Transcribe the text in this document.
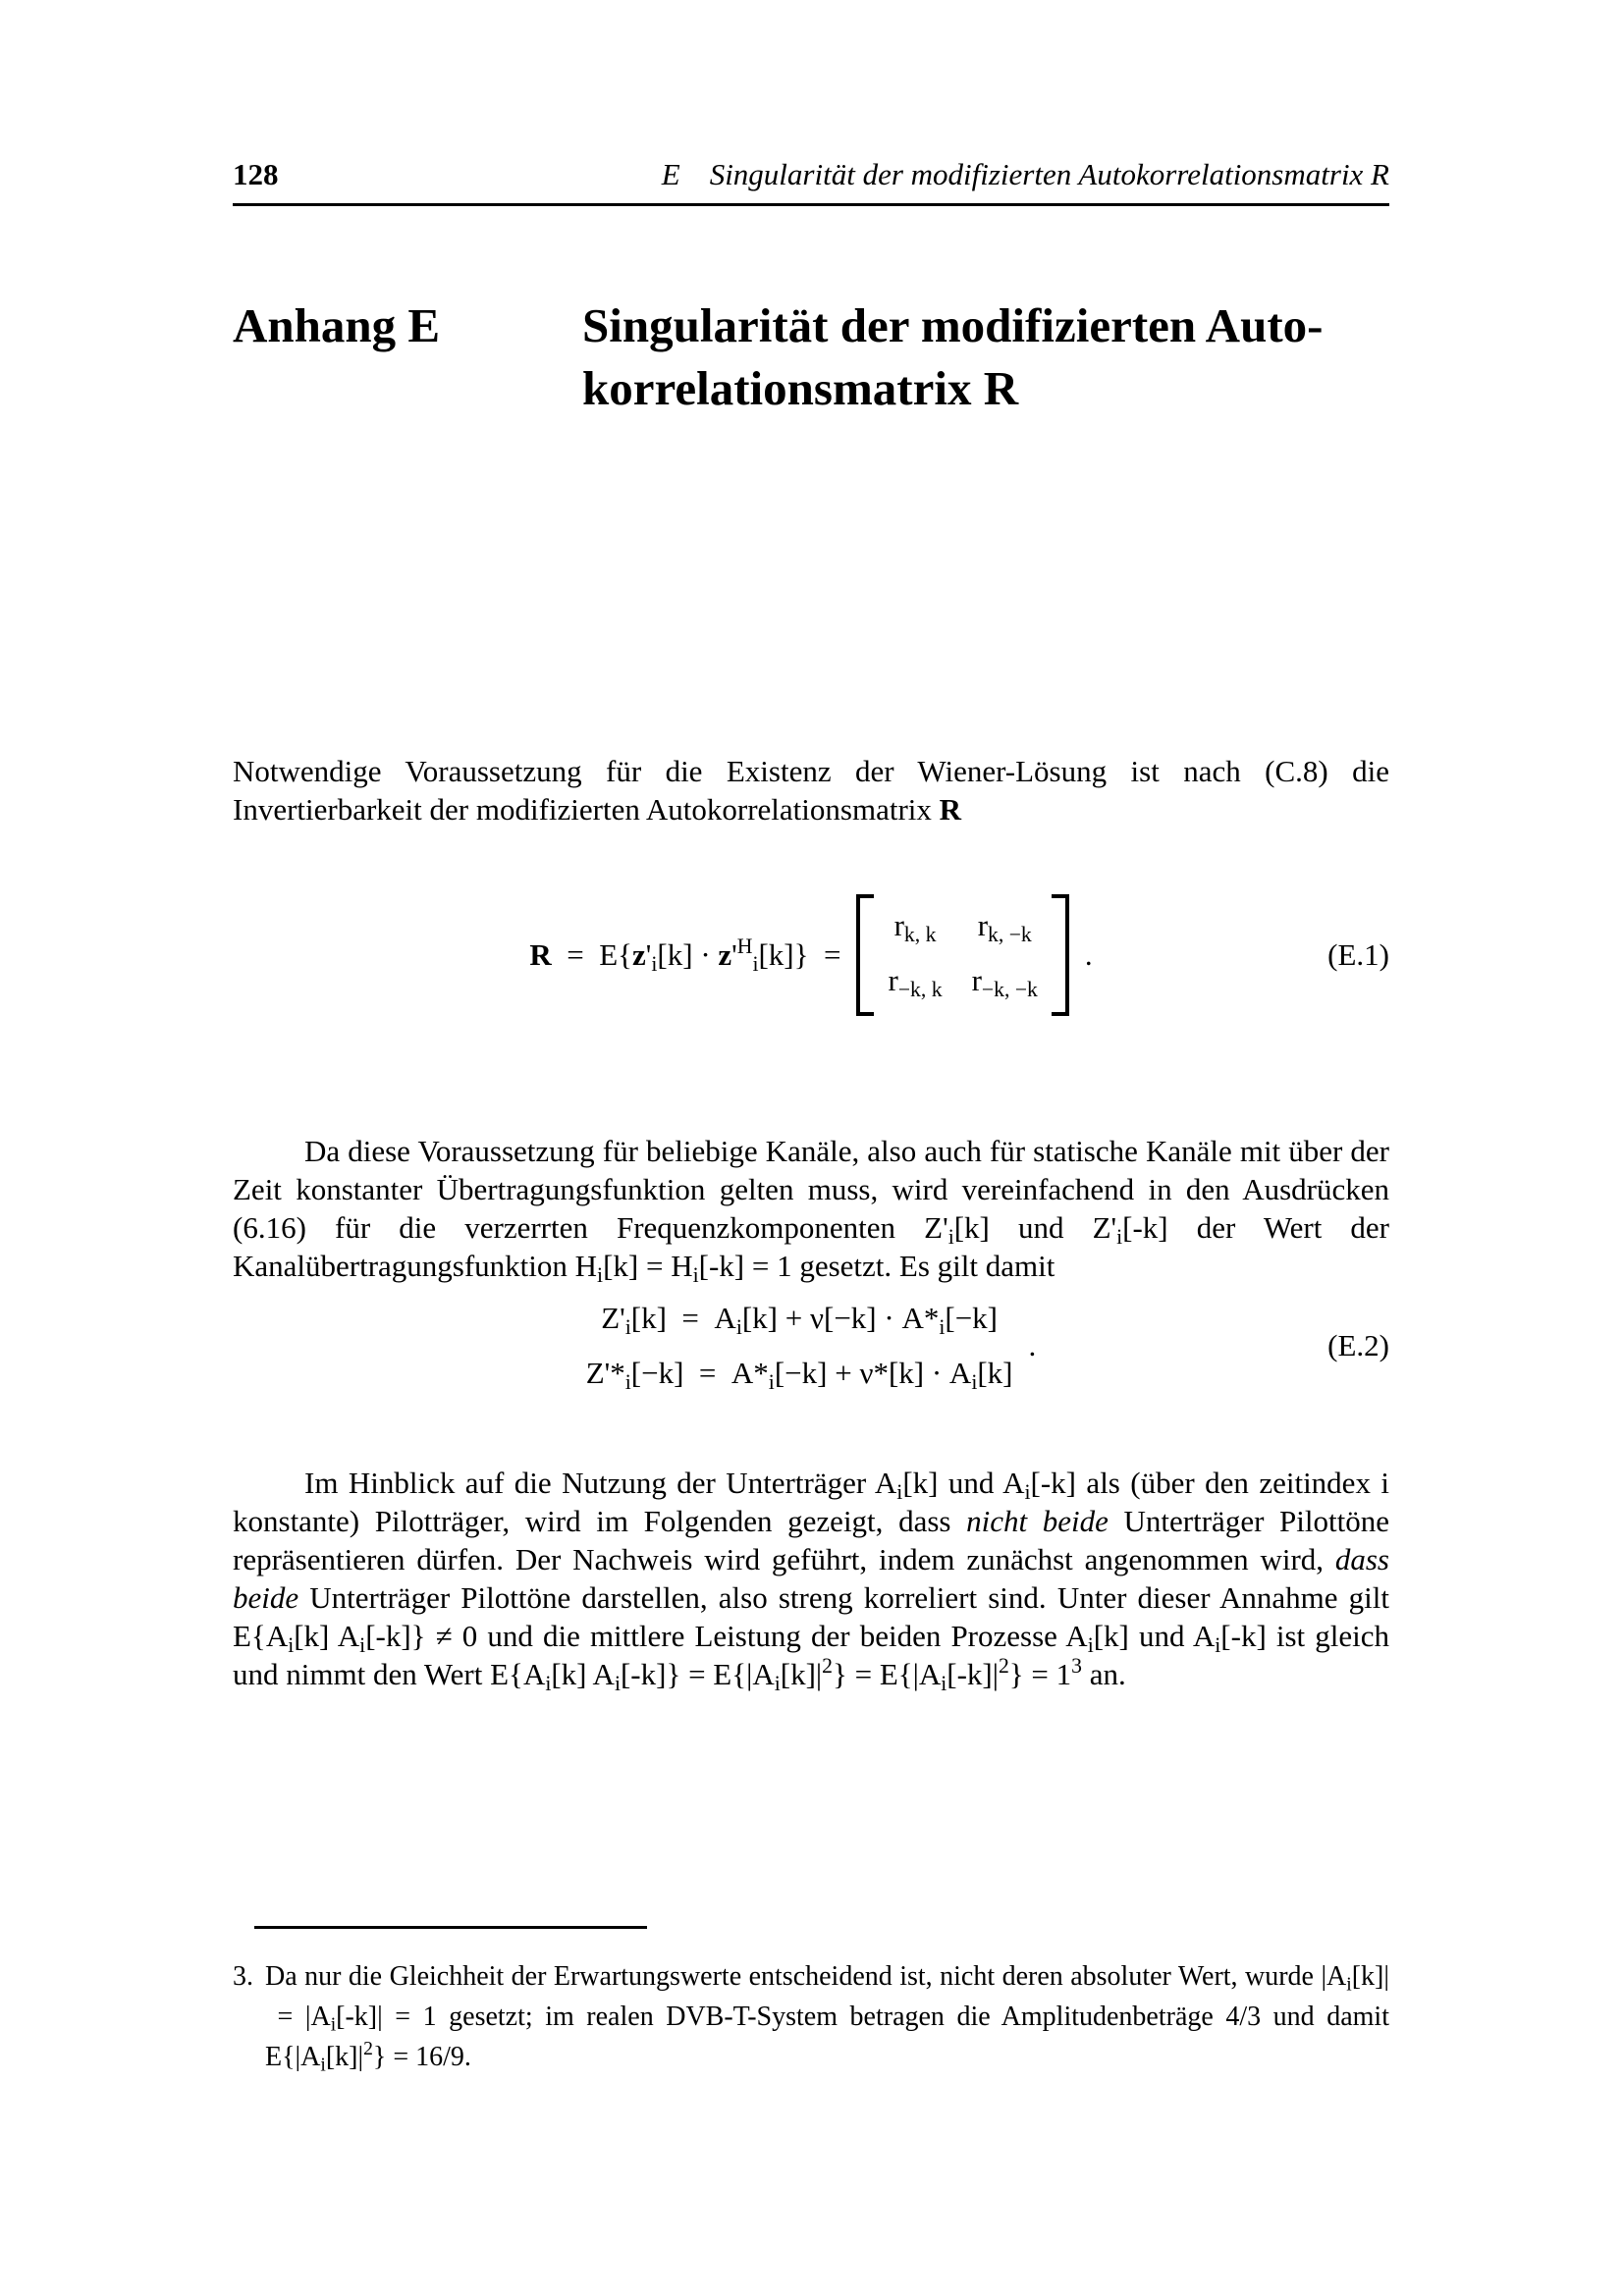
128	E Singularität der modifizierten Autokorrelationsmatrix R
Anhang E	Singularität der modifizierten Auto-
korrelationsmatrix R

Notwendige Voraussetzung für die Existenz der Wiener-Lösung ist nach (C.8) die Invertierbarkeit der modifizierten Autokorrelationsmatrix R

$R = E\{z'_i[k] \cdot z'^H_i[k]\}$  =
$r_{k, k}$ $r_{k, -k}$
$r_{-k, k}$ $r_{-k, -k}$
.	(E.1)

Da diese Voraussetzung für beliebige Kanäle, also auch für statische Kanäle mit über der Zeit konstanter Übertragungsfunktion gelten muss, wird vereinfachend in den Ausdrücken (6.16) für die verzerrten Frequenzkomponenten $Z'_i[k]$ und $Z'_i[-k]$ der Wert der Kanalübertragungsfunktion $H_i[k] = H_i[-k] = 1$ gesetzt. Es gilt damit

$Z'_i[k] = A_i[k] + \nu[-k] \cdot A*_i[-k]$
$Z'*_i[-k] = A*_i[-k] + \nu*[k] \cdot A_i[k]$
.	(E.2)

Im Hinblick auf die Nutzung der Unterträger $A_i[k]$ und $A_i[-k]$ als (über den zeitindex i konstante) Pilotträger, wird im Folgenden gezeigt, dass nicht beide Unterträger Pilottöne repräsentieren dürfen. Der Nachweis wird geführt, indem zunächst angenommen wird, dass beide Unterträger Pilottöne darstellen, also streng korreliert sind. Unter dieser Annahme gilt $E\{A_i[k] A_i[-k]\} \ne 0$ und die mittlere Leistung der beiden Prozesse $A_i[k]$ und $A_i[-k]$ ist gleich und nimmt den Wert $E\{A_i[k] A_i[-k]\} = E\{|A_i[k]|^2\} = E\{|A_i[-k]|^2\} = 1^3$ an.

3. Da nur die Gleichheit der Erwartungswerte entscheidend ist, nicht deren absoluter Wert, wurde $|A_i[k]| = |A_i[-k]| = 1$ gesetzt; im realen DVB-T-System betragen die Amplitudenbeträge 4/3 und damit $E\{|A_i[k]|^2\} = 16/9$.
